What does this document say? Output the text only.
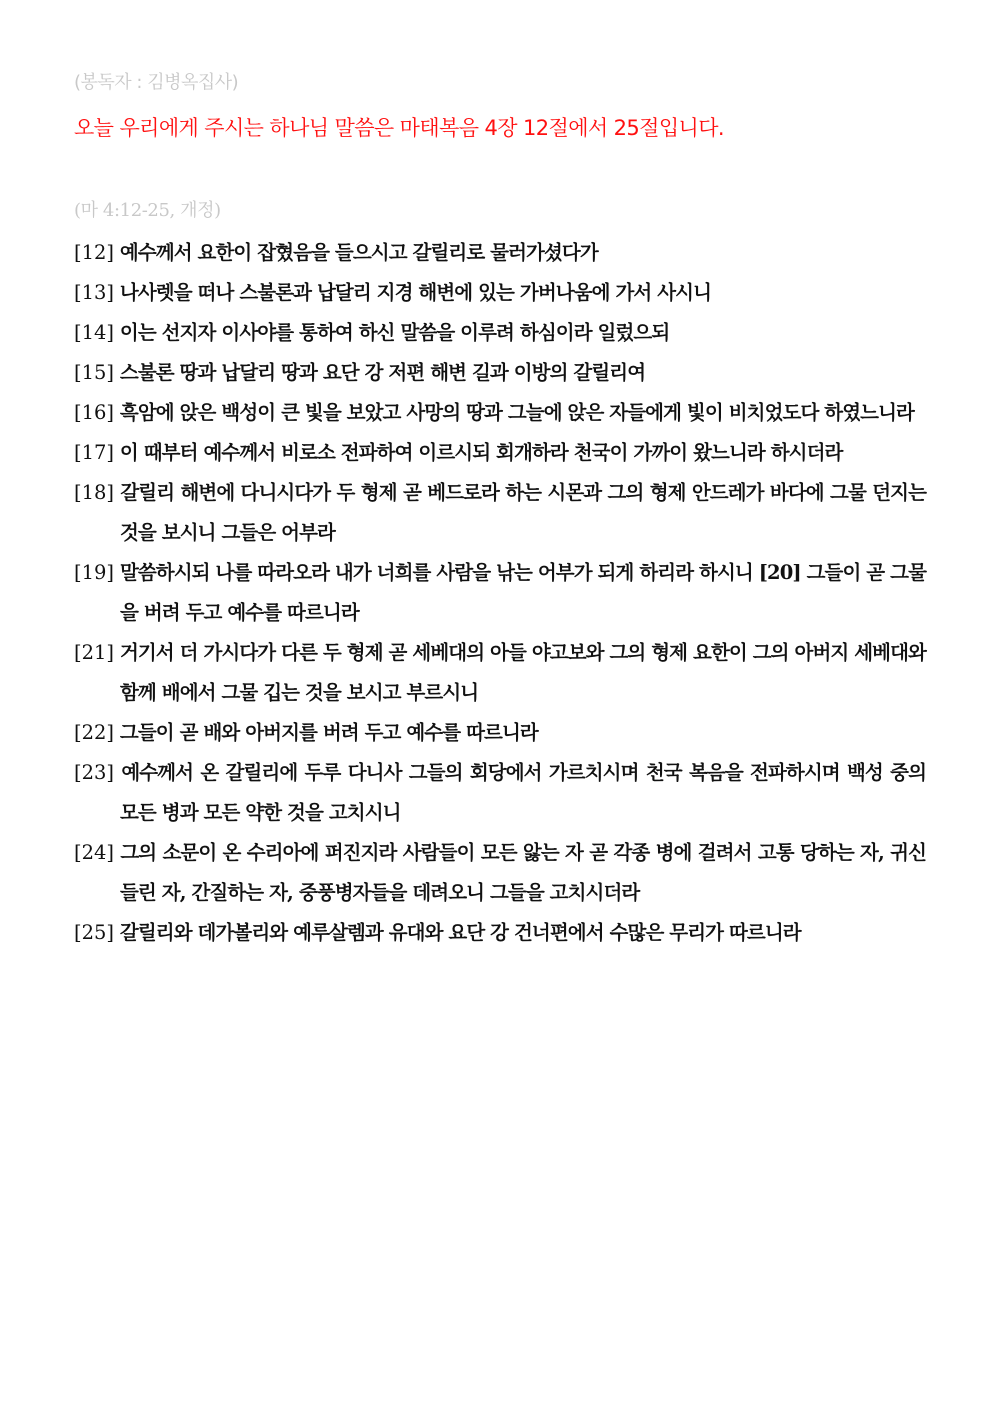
(봉독자 : 김병옥집사)
오늘 우리에게 주시는 하나님 말씀은 마태복음 4장 12절에서 25절입니다.
(마 4:12-25, 개정)
[12] 예수께서 요한이 잡혔음을 들으시고 갈릴리로 물러가셨다가
[13] 나사렛을 떠나 스불론과 납달리 지경 해변에 있는 가버나움에 가서 사시니
[14] 이는 선지자 이사야를 통하여 하신 말씀을 이루려 하심이라 일렀으되
[15] 스불론 땅과 납달리 땅과 요단 강 저편 해변 길과 이방의 갈릴리여
[16] 흑암에 앉은 백성이 큰 빛을 보았고 사망의 땅과 그늘에 앉은 자들에게 빛이 비치었도다 하였느니라
[17] 이 때부터 예수께서 비로소 전파하여 이르시되 회개하라 천국이 가까이 왔느니라 하시더라
[18] 갈릴리 해변에 다니시다가 두 형제 곧 베드로라 하는 시몬과 그의 형제 안드레가 바다에 그물 던지는 것을 보시니 그들은 어부라
[19] 말씀하시되 나를 따라오라 내가 너희를 사람을 낚는 어부가 되게 하리라 하시니 [20] 그들이 곧 그물을 버려 두고 예수를 따르니라
[21] 거기서 더 가시다가 다른 두 형제 곧 세베대의 아들 야고보와 그의 형제 요한이 그의 아버지 세베대와 함께 배에서 그물 깁는 것을 보시고 부르시니
[22] 그들이 곧 배와 아버지를 버려 두고 예수를 따르니라
[23] 예수께서 온 갈릴리에 두루 다니사 그들의 회당에서 가르치시며 천국 복음을 전파하시며 백성 중의 모든 병과 모든 약한 것을 고치시니
[24] 그의 소문이 온 수리아에 퍼진지라 사람들이 모든 앓는 자 곧 각종 병에 걸려서 고통 당하는 자, 귀신 들린 자, 간질하는 자, 중풍병자들을 데려오니 그들을 고치시더라
[25] 갈릴리와 데가볼리와 예루살렘과 유대와 요단 강 건너편에서 수많은 무리가 따르니라
